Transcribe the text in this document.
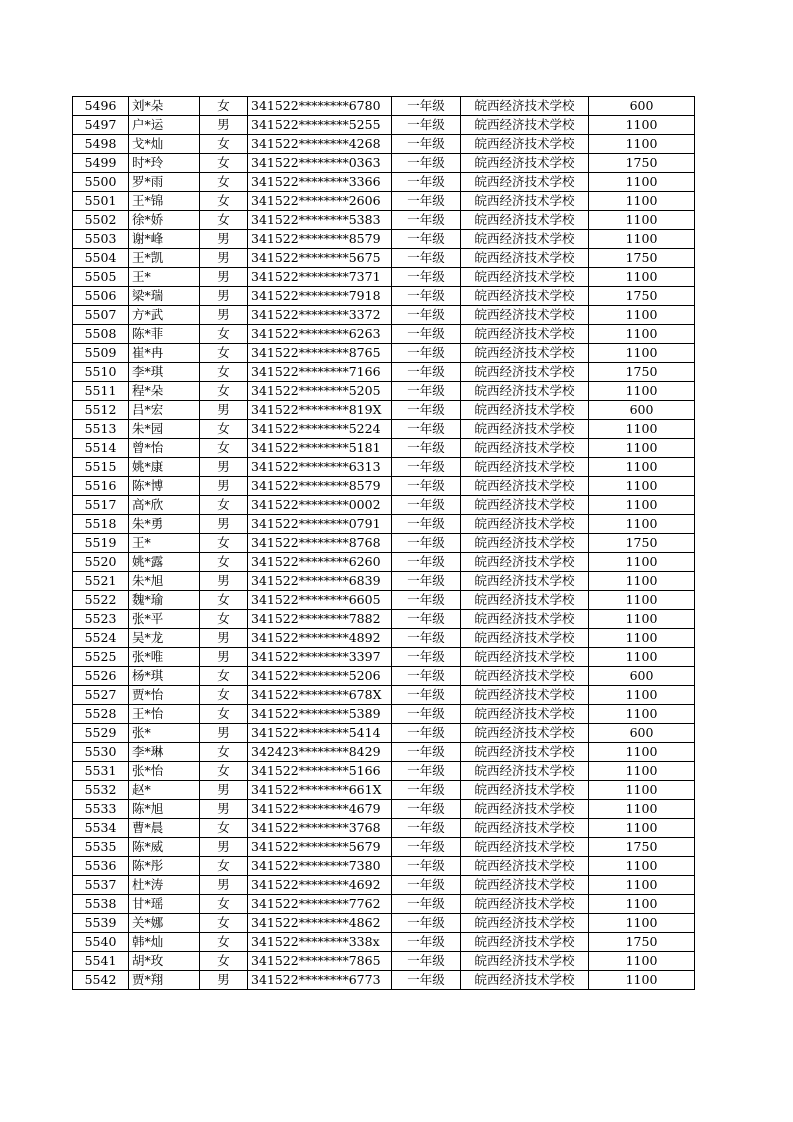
5496	刘*朵	女	341522********6780	一年级	皖西经济技术学校	600
5497	户*运	男	341522********5255	一年级	皖西经济技术学校	1100
5498	戈*灿	女	341522********4268	一年级	皖西经济技术学校	1100
5499	时*玲	女	341522********0363	一年级	皖西经济技术学校	1750
5500	罗*雨	女	341522********3366	一年级	皖西经济技术学校	1100
5501	王*锦	女	341522********2606	一年级	皖西经济技术学校	1100
5502	徐*娇	女	341522********5383	一年级	皖西经济技术学校	1100
5503	谢*峰	男	341522********8579	一年级	皖西经济技术学校	1100
5504	王*凯	男	341522********5675	一年级	皖西经济技术学校	1750
5505	王*	男	341522********7371	一年级	皖西经济技术学校	1100
5506	梁*瑞	男	341522********7918	一年级	皖西经济技术学校	1750
5507	方*武	男	341522********3372	一年级	皖西经济技术学校	1100
5508	陈*菲	女	341522********6263	一年级	皖西经济技术学校	1100
5509	崔*冉	女	341522********8765	一年级	皖西经济技术学校	1100
5510	李*琪	女	341522********7166	一年级	皖西经济技术学校	1750
5511	程*朵	女	341522********5205	一年级	皖西经济技术学校	1100
5512	吕*宏	男	341522********819X	一年级	皖西经济技术学校	600
5513	朱*园	女	341522********5224	一年级	皖西经济技术学校	1100
5514	曾*怡	女	341522********5181	一年级	皖西经济技术学校	1100
5515	姚*康	男	341522********6313	一年级	皖西经济技术学校	1100
5516	陈*博	男	341522********8579	一年级	皖西经济技术学校	1100
5517	高*欣	女	341522********0002	一年级	皖西经济技术学校	1100
5518	朱*勇	男	341522********0791	一年级	皖西经济技术学校	1100
5519	王*	女	341522********8768	一年级	皖西经济技术学校	1750
5520	姚*露	女	341522********6260	一年级	皖西经济技术学校	1100
5521	朱*旭	男	341522********6839	一年级	皖西经济技术学校	1100
5522	魏*瑜	女	341522********6605	一年级	皖西经济技术学校	1100
5523	张*平	女	341522********7882	一年级	皖西经济技术学校	1100
5524	吴*龙	男	341522********4892	一年级	皖西经济技术学校	1100
5525	张*唯	男	341522********3397	一年级	皖西经济技术学校	1100
5526	杨*琪	女	341522********5206	一年级	皖西经济技术学校	600
5527	贾*怡	女	341522********678X	一年级	皖西经济技术学校	1100
5528	王*怡	女	341522********5389	一年级	皖西经济技术学校	1100
5529	张*	男	341522********5414	一年级	皖西经济技术学校	600
5530	李*琳	女	342423********8429	一年级	皖西经济技术学校	1100
5531	张*怡	女	341522********5166	一年级	皖西经济技术学校	1100
5532	赵*	男	341522********661X	一年级	皖西经济技术学校	1100
5533	陈*旭	男	341522********4679	一年级	皖西经济技术学校	1100
5534	曹*晨	女	341522********3768	一年级	皖西经济技术学校	1100
5535	陈*威	男	341522********5679	一年级	皖西经济技术学校	1750
5536	陈*彤	女	341522********7380	一年级	皖西经济技术学校	1100
5537	杜*涛	男	341522********4692	一年级	皖西经济技术学校	1100
5538	甘*瑶	女	341522********7762	一年级	皖西经济技术学校	1100
5539	关*娜	女	341522********4862	一年级	皖西经济技术学校	1100
5540	韩*灿	女	341522********338x	一年级	皖西经济技术学校	1750
5541	胡*玫	女	341522********7865	一年级	皖西经济技术学校	1100
5542	贾*翔	男	341522********6773	一年级	皖西经济技术学校	1100
